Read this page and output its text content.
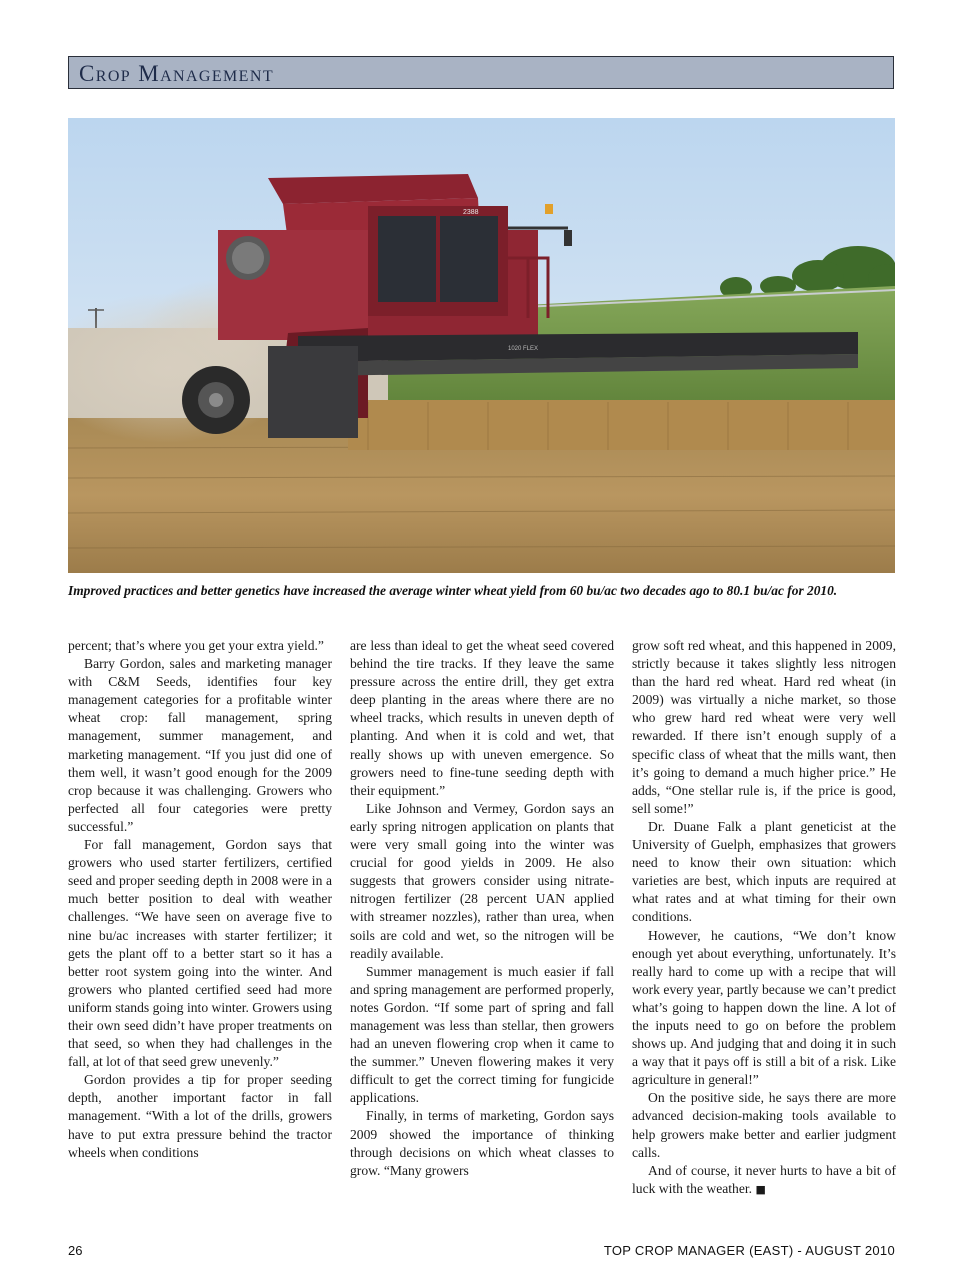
Crop Management
2388
1020 FLEX
Improved practices and better genetics have increased the average winter wheat yield from 60 bu/ac two decades ago to 80.1 bu/ac for 2010.

percent; that’s where you get your extra yield.”

Barry Gordon, sales and marketing manager with C&M Seeds, identifies four key management categories for a profitable winter wheat crop: fall management, spring management, summer management, and marketing management. “If you just did one of them well, it wasn’t good enough for the 2009 crop because it was challenging. Growers who perfected all four categories were pretty successful.”

For fall management, Gordon says that growers who used starter fertilizers, certified seed and proper seeding depth in 2008 were in a much better position to deal with weather challenges. “We have seen on average five to nine bu/ac increases with starter fertilizer; it gets the plant off to a better start so it has a better root system going into the winter. And growers who planted certified seed had more uniform stands going into winter. Growers using their own seed didn’t have proper treatments on that seed, so when they had challenges in the fall, at lot of that seed grew unevenly.”

Gordon provides a tip for proper seeding depth, another important factor in fall management. “With a lot of the drills, growers have to put extra pressure behind the tractor wheels when conditions

are less than ideal to get the wheat seed covered behind the tire tracks. If they leave the same pressure across the entire drill, they get extra deep planting in the areas where there are no wheel tracks, which results in uneven depth of planting. And when it is cold and wet, that really shows up with uneven emergence. So growers need to fine-tune seeding depth with their equipment.”

Like Johnson and Vermey, Gordon says an early spring nitrogen application on plants that were very small going into the winter was crucial for good yields in 2009. He also suggests that growers consider using nitrate-nitrogen fertilizer (28 percent UAN applied with streamer nozzles), rather than urea, when soils are cold and wet, so the nitrogen will be readily available.

Summer management is much easier if fall and spring management are performed properly, notes Gordon. “If some part of spring and fall management was less than stellar, then growers had an uneven flowering crop when it came to the summer.” Uneven flowering makes it very difficult to get the correct timing for fungicide applications.

Finally, in terms of marketing, Gordon says 2009 showed the importance of thinking through decisions on which wheat classes to grow. “Many growers

grow soft red wheat, and this happened in 2009, strictly because it takes slightly less nitrogen than the hard red wheat. Hard red wheat (in 2009) was virtually a niche market, so those who grew hard red wheat were very well rewarded. If there isn’t enough supply of a specific class of wheat that the mills want, then it’s going to demand a much higher price.” He adds, “One stellar rule is, if the price is good, sell some!”

Dr. Duane Falk a plant geneticist at the University of Guelph, emphasizes that growers need to know their own situation: which varieties are best, which inputs are required at what rates and at what timing for their own conditions.

However, he cautions, “We don’t know enough yet about everything, unfortunately. It’s really hard to come up with a recipe that will work every year, partly because we can’t predict what’s going to happen down the line. A lot of the inputs need to go on before the problem shows up. And judging that and doing it in such a way that it pays off is still a bit of a risk. Like agriculture in general!”

On the positive side, he says there are more advanced decision-making tools available to help growers make better and earlier judgment calls.

And of course, it never hurts to have a bit of luck with the weather. ■

26	TOP CROP MANAGER (EAST) - AUGUST 2010
